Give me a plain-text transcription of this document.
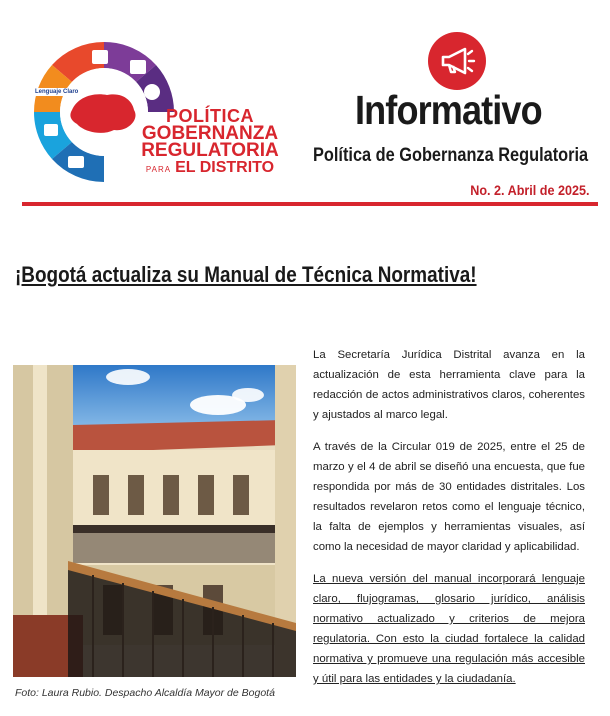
Lenguaje Claro
POLÍTICA
GOBERNANZA
REGULATORIA
PARA EL DISTRITO
Informativo
Política de Gobernanza Regulatoria
No. 2. Abril de 2025.
¡Bogotá actualiza su Manual de Técnica Normativa!
Foto: Laura Rubio. Despacho Alcaldía Mayor de Bogotá

La Secretaría Jurídica Distrital avanza en la actualización de esta herramienta clave para la redacción de actos administrativos claros, coherentes y ajustados al marco legal.

A través de la Circular 019 de 2025, entre el 25 de marzo y el 4 de abril se diseñó una encuesta, que fue respondida por más de 30 entidades distritales. Los resultados revelaron retos como el lenguaje técnico, la falta de ejemplos y herramientas visuales, así como la necesidad de mayor claridad y aplicabilidad.

La nueva versión del manual incorporará lenguaje claro, flujogramas, glosario jurídico, análisis normativo actualizado y criterios de mejora regulatoria. Con esto la ciudad fortalece la calidad normativa y promueve una regulación más accesible y útil para las entidades y la ciudadanía.
